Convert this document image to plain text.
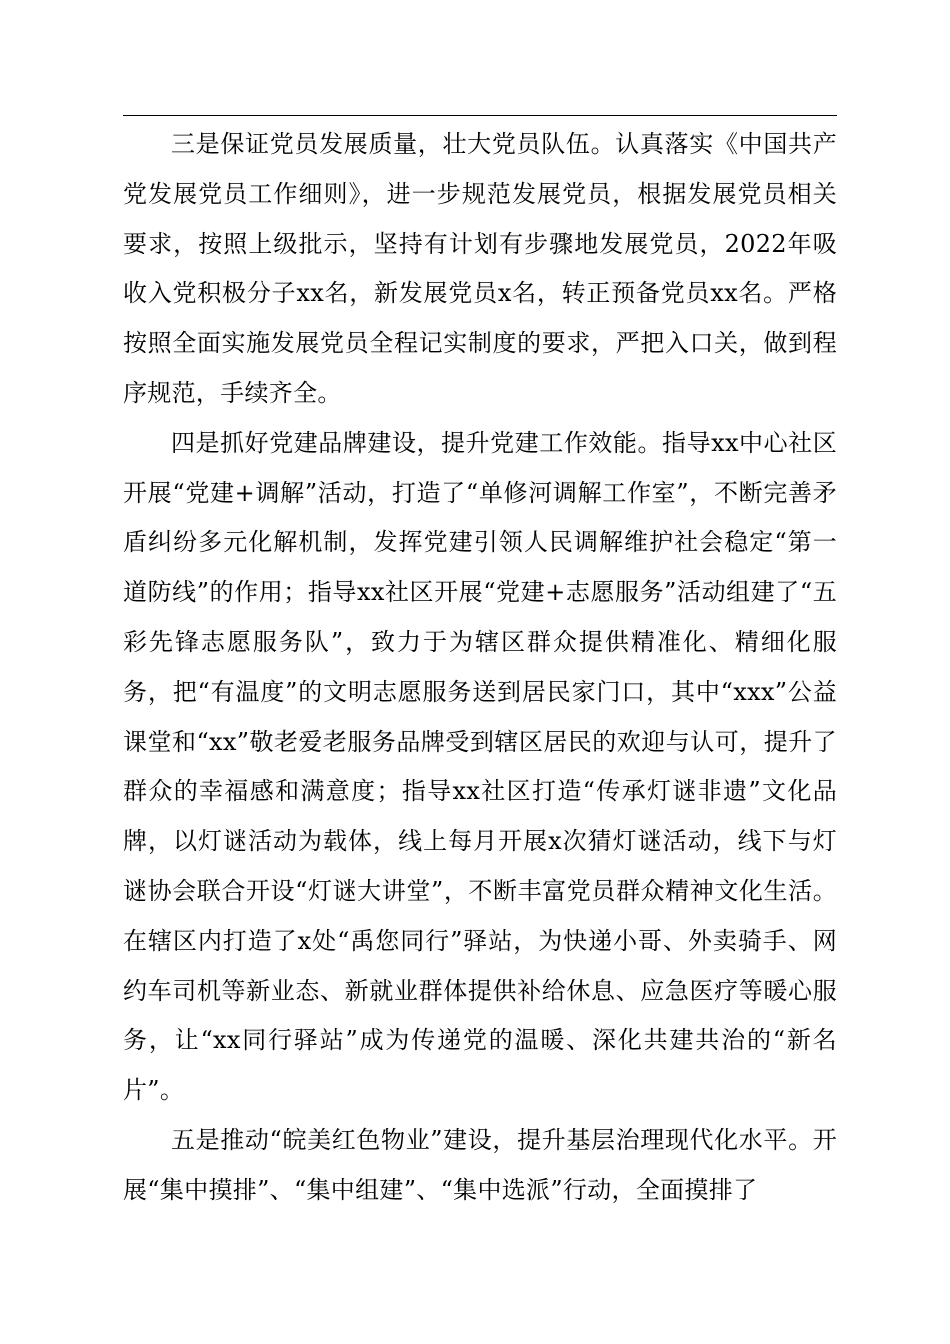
三是保证党员发展质量，壮大党员队伍。认真落实《中国共产党发展党员工作细则》，进一步规范发展党员，根据发展党员相关要求，按照上级批示，坚持有计划有步骤地发展党员，2022年吸收入党积极分子xx名，新发展党员x名，转正预备党员xx名。严格按照全面实施发展党员全程记实制度的要求，严把入口关，做到程序规范，手续齐全。

四是抓好党建品牌建设，提升党建工作效能。指导xx中心社区开展“党建+调解”活动，打造了“单修河调解工作室”，不断完善矛盾纠纷多元化解机制，发挥党建引领人民调解维护社会稳定“第一道防线”的作用；指导xx社区开展“党建+志愿服务”活动组建了“五彩先锋志愿服务队”，致力于为辖区群众提供精准化、精细化服务，把“有温度”的文明志愿服务送到居民家门口，其中“xxx”公益课堂和“xx”敬老爱老服务品牌受到辖区居民的欢迎与认可，提升了群众的幸福感和满意度；指导xx社区打造“传承灯谜非遗”文化品牌，以灯谜活动为载体，线上每月开展x次猜灯谜活动，线下与灯谜协会联合开设“灯谜大讲堂”，不断丰富党员群众精神文化生活。在辖区内打造了x处“禹您同行”驿站，为快递小哥、外卖骑手、网约车司机等新业态、新就业群体提供补给休息、应急医疗等暖心服务，让“xx同行驿站”成为传递党的温暖、深化共建共治的“新名片”。

五是推动“皖美红色物业”建设，提升基层治理现代化水平。开展“集中摸排”、“集中组建”、“集中选派”行动，全面摸排了
